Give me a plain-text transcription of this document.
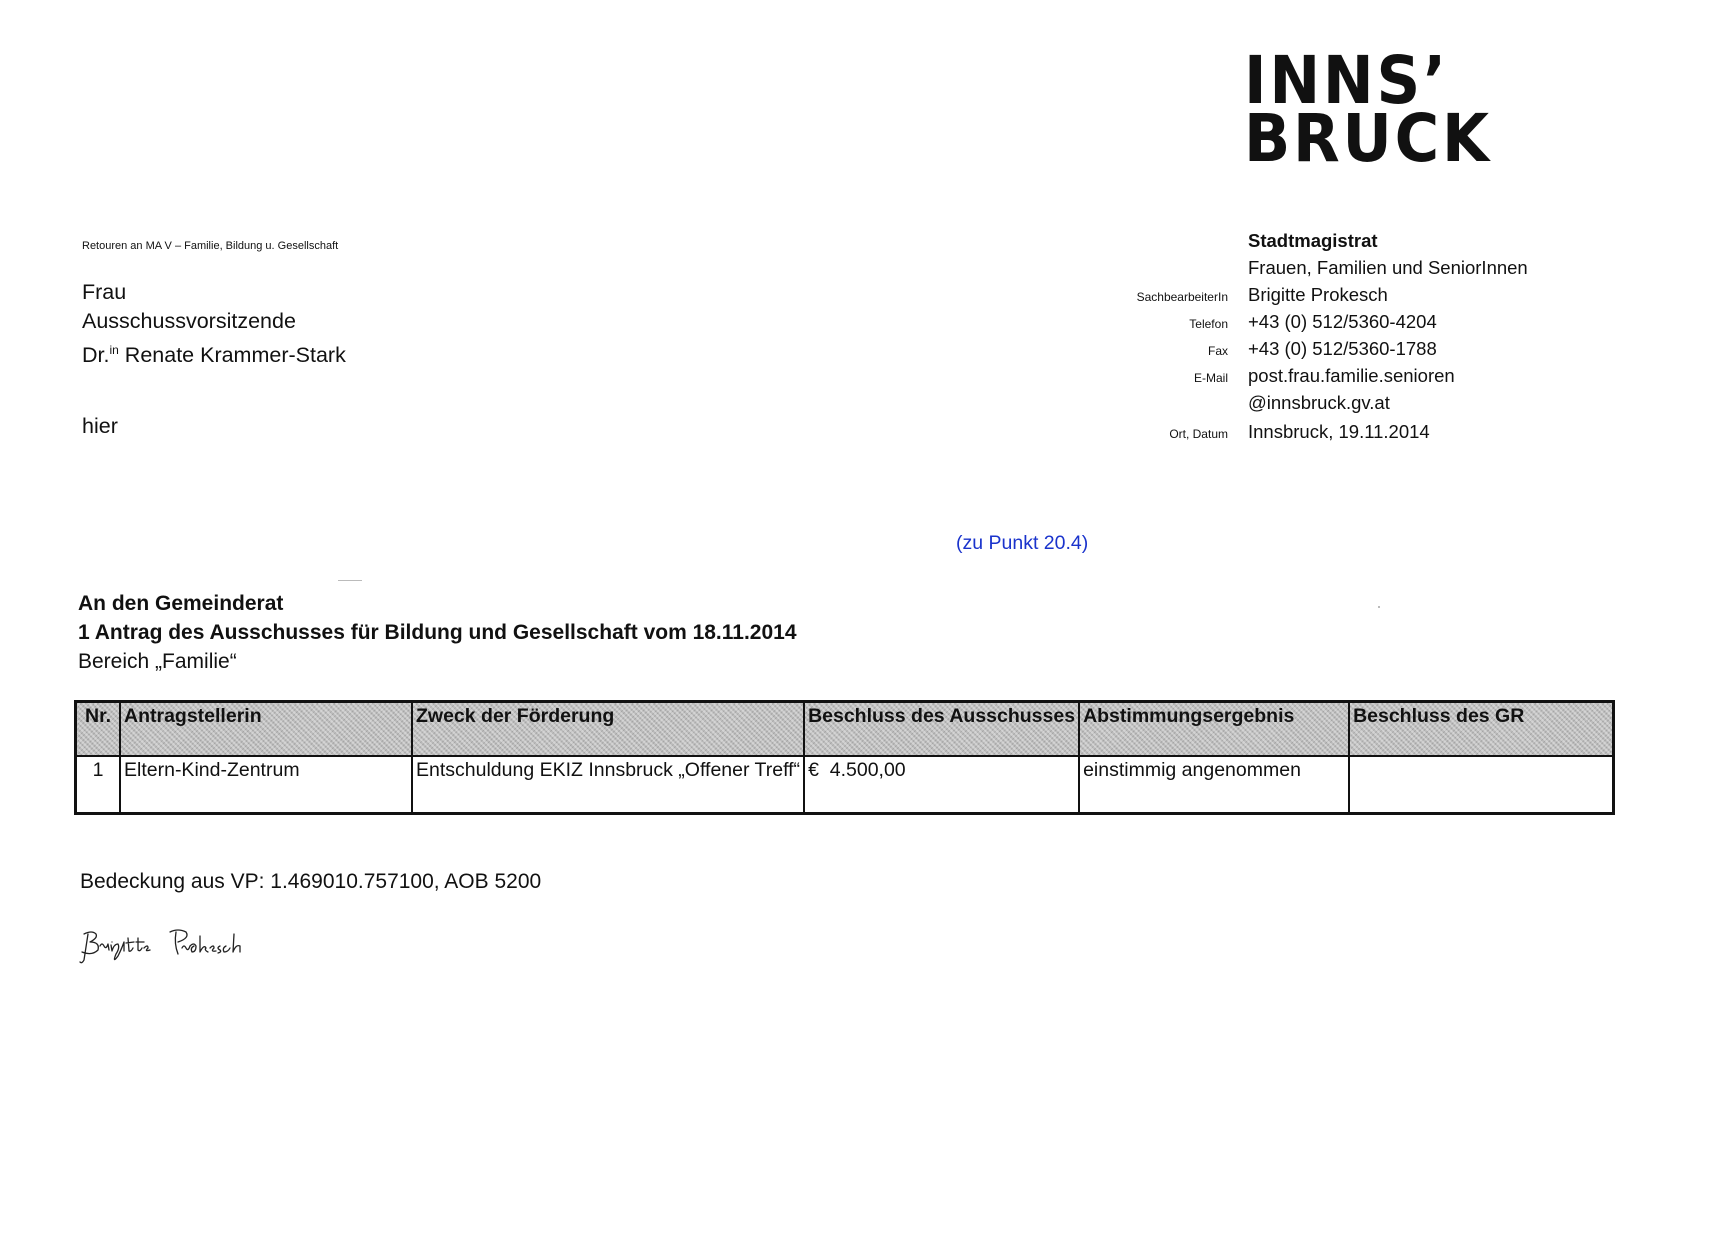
INNS’
BRUCK
Retouren an MA V – Familie, Bildung u. Gesellschaft
Frau
Ausschussvorsitzende
Dr.$^{in}$ Renate Krammer-Stark
hier
Stadtmagistrat
Frauen, Familien und SeniorInnen
SachbearbeiterIn	Brigitte Prokesch
Telefon	+43 (0) 512/5360-4204
Fax	+43 (0) 512/5360-1788
E-Mail	post.frau.familie.senioren
@innsbruck.gv.at
Ort, Datum	Innsbruck, 19.11.2014
(zu Punkt 20.4)
An den Gemeinderat
1 Antrag des Ausschusses für Bildung und Gesellschaft vom 18.11.2014
Bereich „Familie“
Nr.	Antragstellerin	Zweck der Förderung	Beschluss des Ausschusses	Abstimmungsergebnis	Beschluss des GR
1	Eltern-Kind-Zentrum	Entschuldung EKIZ Innsbruck „Offener Treff“	€  4.500,00	einstimmig angenommen	
Bedeckung aus VP: 1.469010.757100, AOB 5200
